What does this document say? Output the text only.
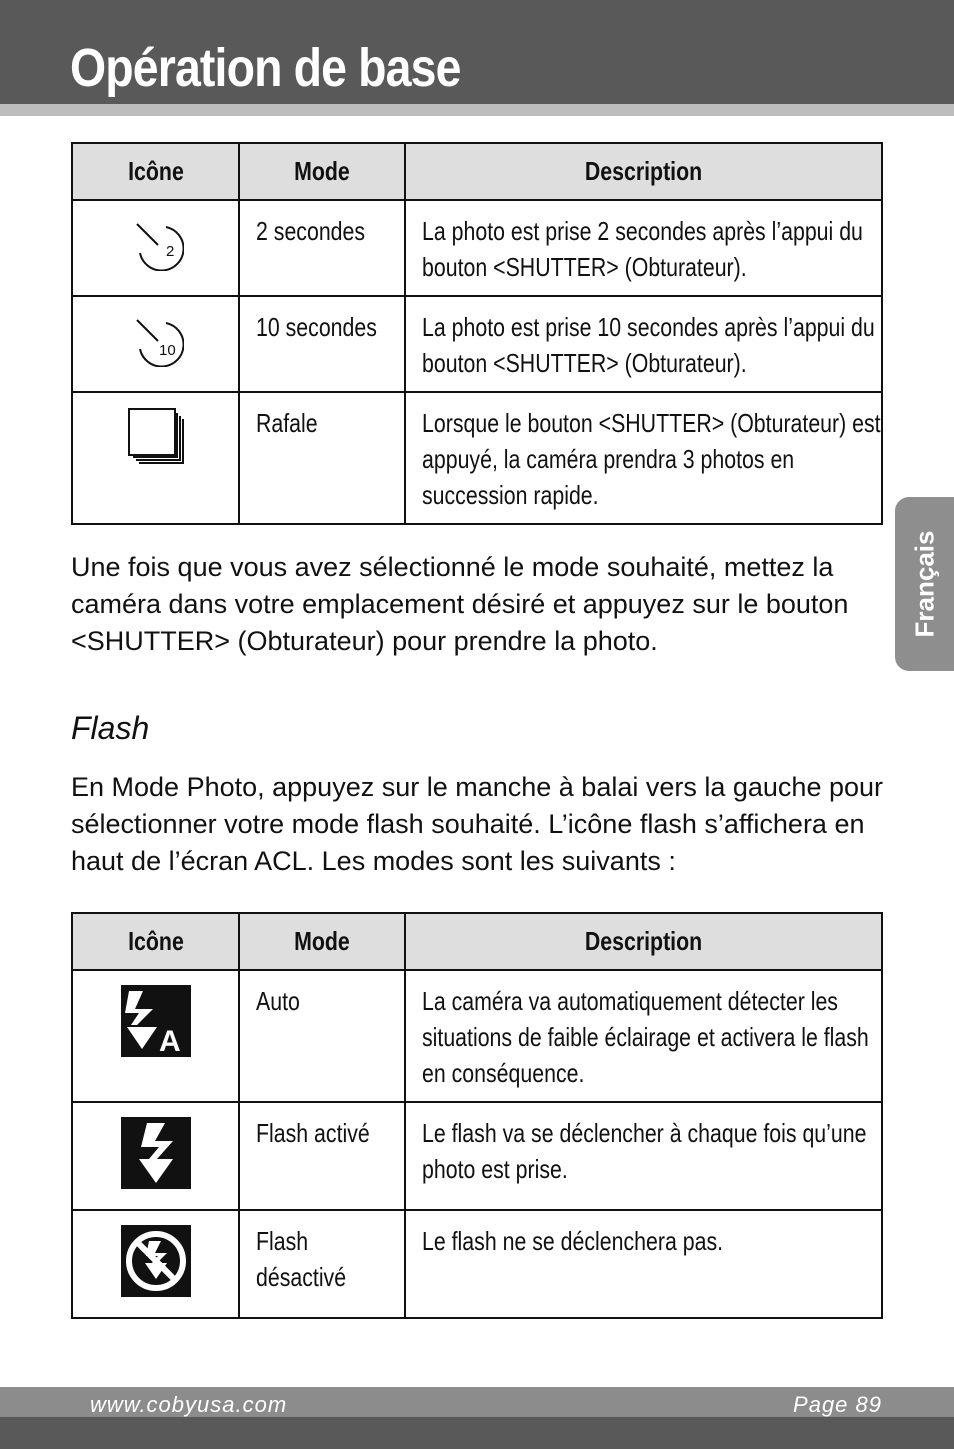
Opération de base
Français
Icône	Mode	Description

2	2 secondes	La photo est prise 2 secondes après l’appui du bouton <SHUTTER> (Obturateur).

10	10 secondes	La photo est prise 10 secondes après l’appui du bouton <SHUTTER> (Obturateur).
	Rafale	Lorsque le bouton <SHUTTER> (Obturateur) est appuyé, la caméra prendra 3 photos en succession rapide.

Une fois que vous avez sélectionné le mode souhaité, mettez la caméra dans votre emplacement désiré et appuyez sur le bouton <SHUTTER> (Obturateur) pour prendre la photo.

Flash

En Mode Photo, appuyez sur le manche à balai vers la gauche pour sélectionner votre mode flash souhaité. L’icône flash s’affichera en haut de l’écran ACL. Les modes sont les suivants :

Icône	Mode	Description

A	Auto	La caméra va automatiquement détecter les situations de faible éclairage et activera le flash en conséquence.
	Flash activé	Le flash va se déclencher à chaque fois qu’une photo est prise.
	Flash désactivé	Le flash ne se déclenchera pas.
www.cobyusa.com	Page 89
